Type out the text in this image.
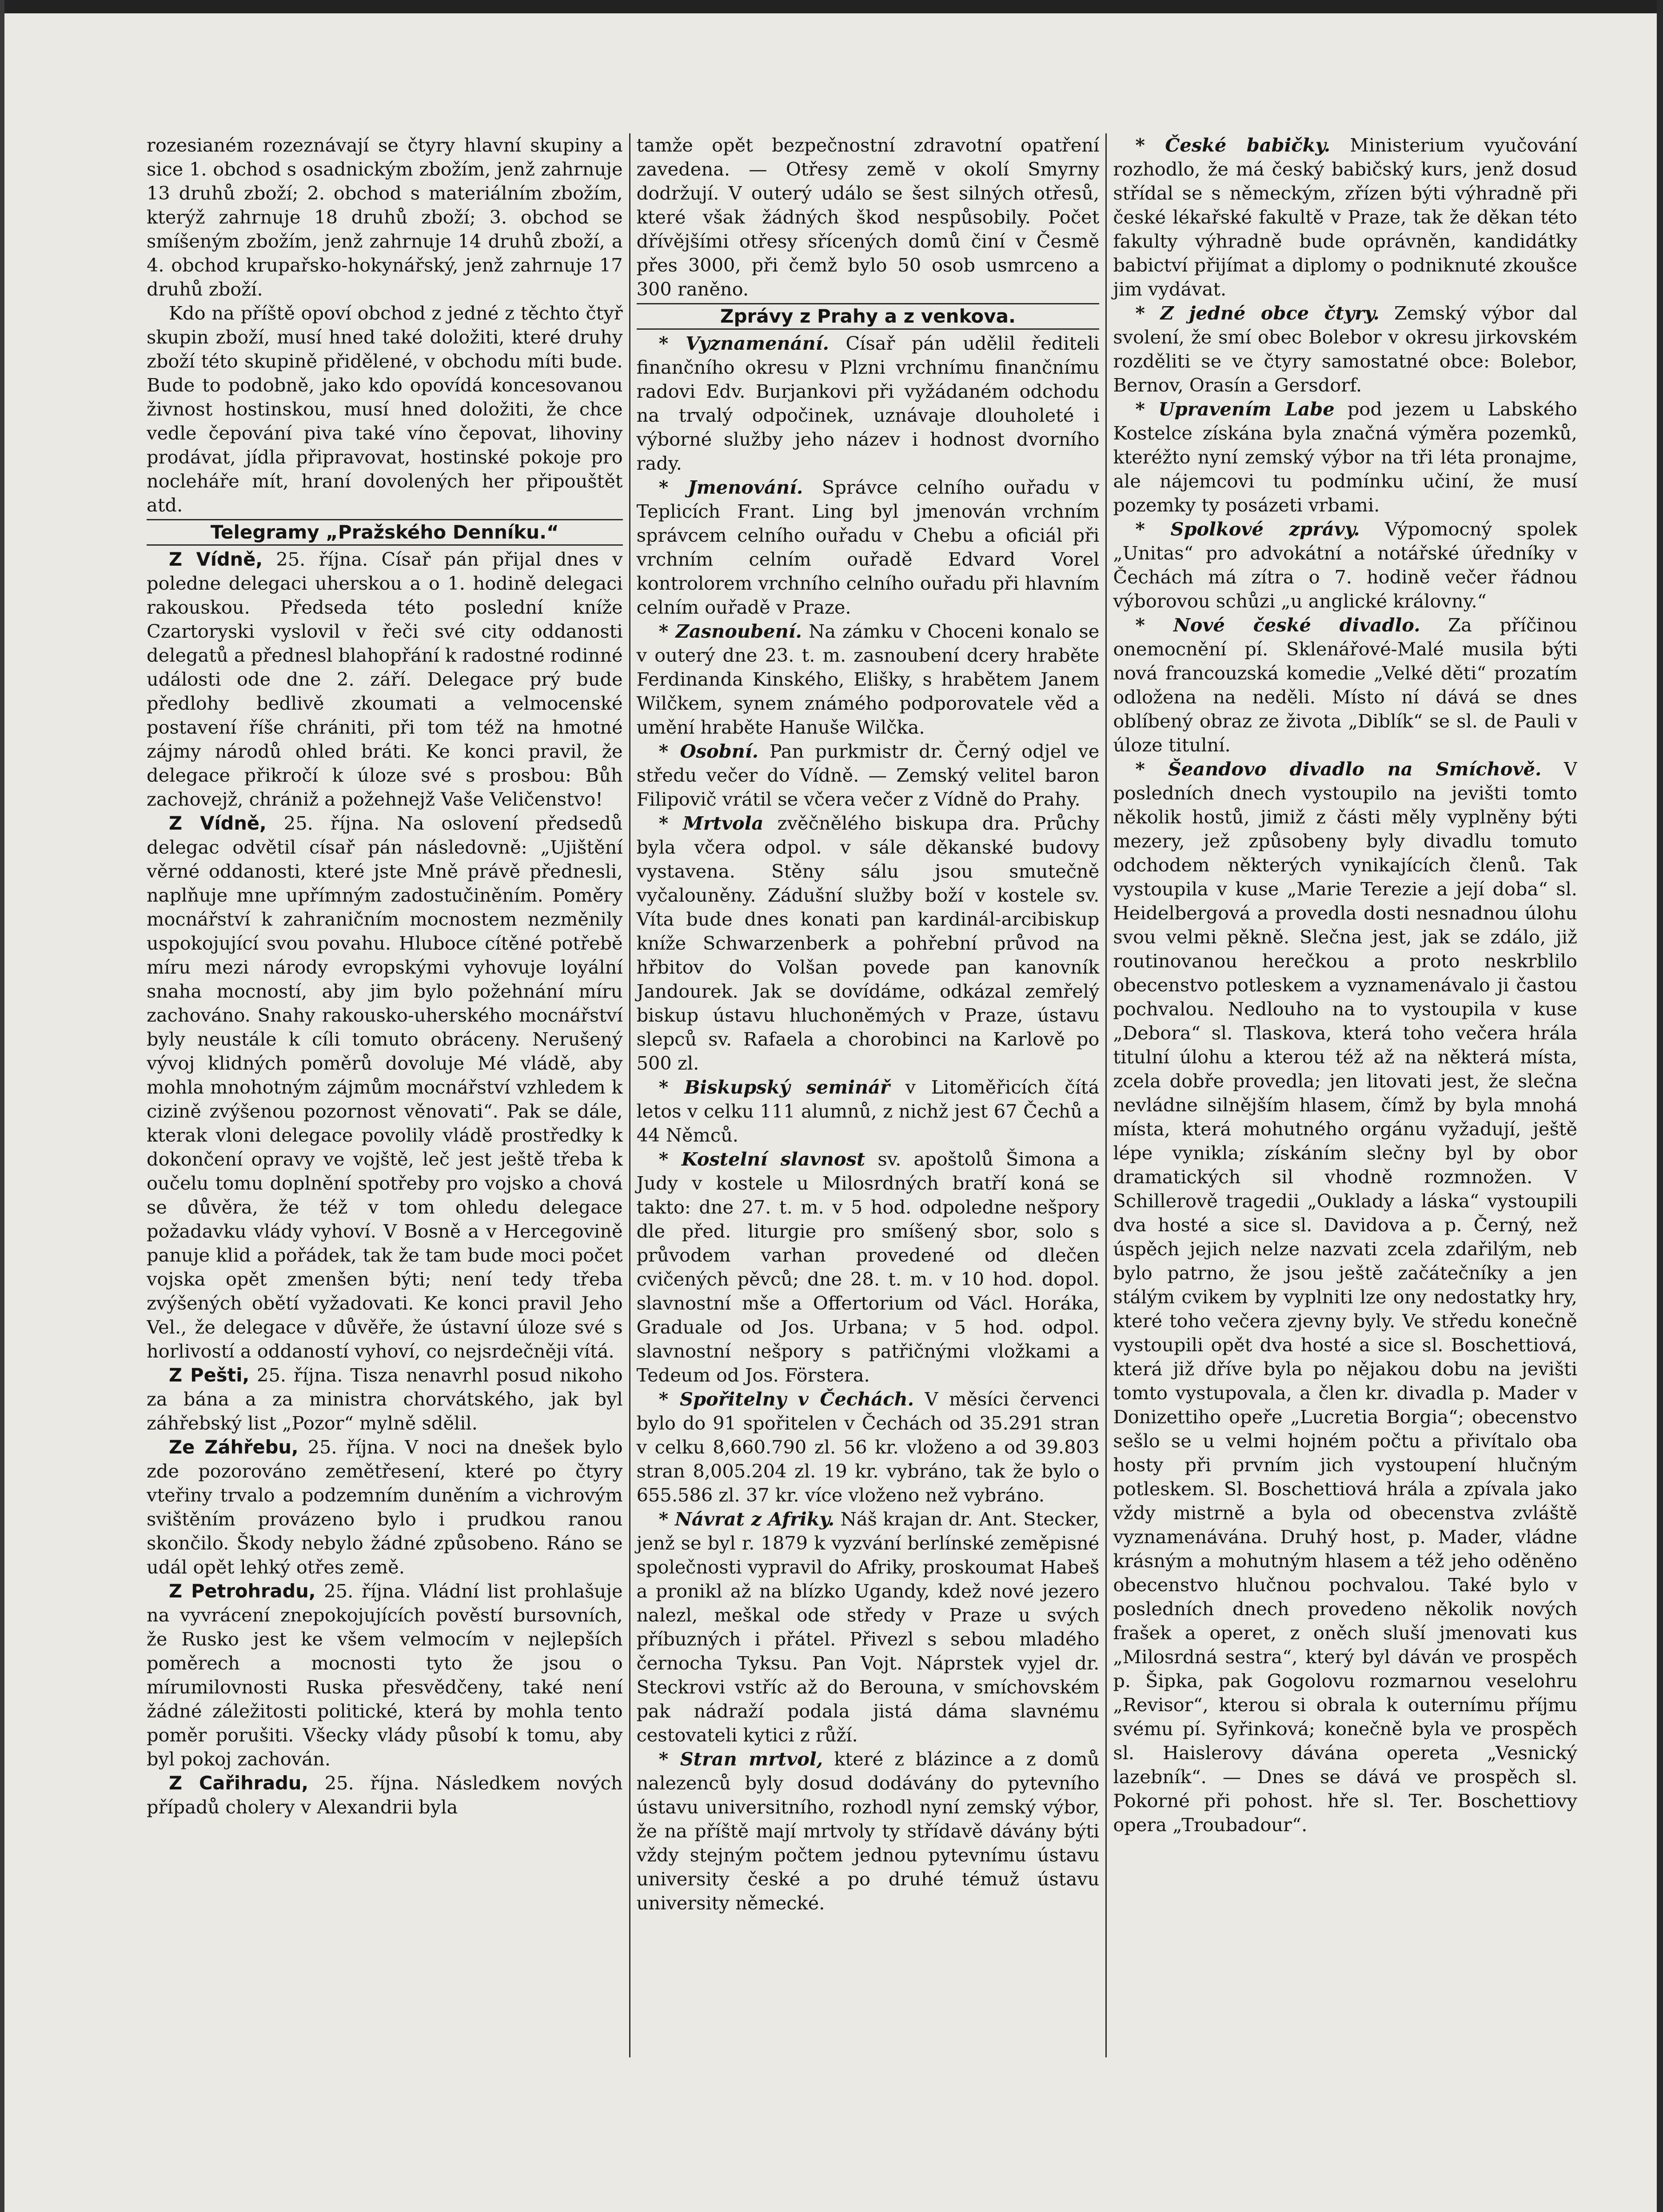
rozesianém rozeznávají se čtyry hlavní skupiny a sice 1. obchod s osadnickým zbožím, jenž zahrnuje 13 druhů zboží; 2. obchod s materiálním zbožím, kterýž zahrnuje 18 druhů zboží; 3. obchod se smíšeným zbožím, jenž zahrnuje 14 druhů zboží, a 4. obchod krupařsko-hokynářský, jenž zahrnuje 17 druhů zboží.

Kdo na příště opoví obchod z jedné z těchto čtyř skupin zboží, musí hned také doložiti, které druhy zboží této skupině přidělené, v obchodu míti bude. Bude to podobně, jako kdo opovídá koncesovanou živnost hostinskou, musí hned doložiti, že chce vedle čepování piva také víno čepovat, lihoviny prodávat, jídla připravovat, hostinské pokoje pro nocleháře mít, hraní dovolených her připouštět atd.

Telegramy „Pražského Denníku.“

Z Vídně, 25. října. Císař pán přijal dnes v poledne delegaci uherskou a o 1. hodině delegaci rakouskou. Předseda této poslední kníže Czartoryski vyslovil v řeči své city oddanosti delegatů a přednesl blahopřání k radostné rodinné události ode dne 2. září. Delegace prý bude předlohy bedlivě zkoumati a velmocenské postavení říše chrániti, při tom též na hmotné zájmy národů ohled bráti. Ke konci pravil, že delegace přikročí k úloze své s prosbou: Bůh zachovejž, chrániž a požehnejž Vaše Veličenstvo!

Z Vídně, 25. října. Na oslovení předsedů delegac odvětil císař pán následovně: „Ujištění věrné oddanosti, které jste Mně právě přednesli, naplňuje mne upřímným zadostučiněním. Poměry mocnářství k zahraničním mocnostem nezměnily uspokojující svou povahu. Hluboce cítěné potřebě míru mezi národy evropskými vyhovuje loyální snaha mocností, aby jim bylo požehnání míru zachováno. Snahy rakousko-uherského mocnářství byly neustále k cíli tomuto obráceny. Nerušený vývoj klidných poměrů dovoluje Mé vládě, aby mohla mnohotným zájmům mocnářství vzhledem k cizině zvýšenou pozornost věnovati“. Pak se dále, kterak vloni delegace povolily vládě prostředky k dokončení opravy ve vojště, leč jest ještě třeba k oučelu tomu doplnění spotřeby pro vojsko a chová se důvěra, že též v tom ohledu delegace požadavku vlády vyhoví. V Bosně a v Hercegovině panuje klid a pořádek, tak že tam bude moci počet vojska opět zmenšen býti; není tedy třeba zvýšených obětí vyžadovati. Ke konci pravil Jeho Vel., že delegace v důvěře, že ústavní úloze své s horlivostí a oddaností vyhoví, co nejsrdečněji vítá.

Z Pešti, 25. října. Tisza nenavrhl posud nikoho za bána a za ministra chorvátského, jak byl záhřebský list „Pozor“ mylně sdělil.

Ze Záhřebu, 25. října. V noci na dnešek bylo zde pozorováno zemětřesení, které po čtyry vteřiny trvalo a podzemním duněním a vichrovým svištěním provázeno bylo i prudkou ranou skončilo. Škody nebylo žádné způsobeno. Ráno se udál opět lehký otřes země.

Z Petrohradu, 25. října. Vládní list prohlašuje na vyvrácení znepokojujících pověstí bursovních, že Rusko jest ke všem velmocím v nejlepších poměrech a mocnosti tyto že jsou o mírumilovnosti Ruska přesvědčeny, také není žádné záležitosti politické, která by mohla tento poměr porušiti. Všecky vlády působí k tomu, aby byl pokoj zachován.

Z Cařihradu, 25. října. Následkem nových případů cholery v Alexandrii byla

tamže opět bezpečnostní zdravotní opatření zavedena. — Otřesy země v okolí Smyrny dodržují. V outerý událo se šest silných otřesů, které však žádných škod nespůsobily. Počet dřívějšími otřesy sřícených domů činí v Česmě přes 3000, při čemž bylo 50 osob usmrceno a 300 raněno.

Zprávy z Prahy a z venkova.

* Vyznamenání. Císař pán udělil řediteli finančního okresu v Plzni vrchnímu finančnímu radovi Edv. Burjankovi při vyžádaném odchodu na trvalý odpočinek, uznávaje dlouholeté i výborné služby jeho název i hodnost dvorního rady.

* Jmenování. Správce celního ouřadu v Teplicích Frant. Ling byl jmenován vrchním správcem celního ouřadu v Chebu a oficiál při vrchním celním ouřadě Edvard Vorel kontrolorem vrchního celního ouřadu při hlavním celním ouřadě v Praze.

* Zasnoubení. Na zámku v Choceni konalo se v outerý dne 23. t. m. zasnoubení dcery hraběte Ferdinanda Kinského, Elišky, s hrabětem Janem Wilčkem, synem známého podporovatele věd a umění hraběte Hanuše Wilčka.

* Osobní. Pan purkmistr dr. Černý odjel ve středu večer do Vídně. — Zemský velitel baron Filipovič vrátil se včera večer z Vídně do Prahy.

* Mrtvola zvěčnělého biskupa dra. Průchy byla včera odpol. v sále děkanské budovy vystavena. Stěny sálu jsou smutečně vyčalouněny. Zádušní služby boží v kostele sv. Víta bude dnes konati pan kardinál-arcibiskup kníže Schwarzenberk a pohřební průvod na hřbitov do Volšan povede pan kanovník Jandourek. Jak se dovídáme, odkázal zemřelý biskup ústavu hluchoněmých v Praze, ústavu slepců sv. Rafaela a chorobinci na Karlově po 500 zl.

* Biskupský seminář v Litoměřicích čítá letos v celku 111 alumnů, z nichž jest 67 Čechů a 44 Němců.

* Kostelní slavnost sv. apoštolů Šimona a Judy v kostele u Milosrdných bratří koná se takto: dne 27. t. m. v 5 hod. odpoledne nešpory dle před. liturgie pro smíšený sbor, solo s průvodem varhan provedené od dlečen cvičených pěvců; dne 28. t. m. v 10 hod. dopol. slavnostní mše a Offertorium od Václ. Horáka, Graduale od Jos. Urbana; v 5 hod. odpol. slavnostní nešpory s patřičnými vložkami a Tedeum od Jos. Förstera.

* Spořitelny v Čechách. V měsíci červenci bylo do 91 spořitelen v Čechách od 35.291 stran v celku 8,660.790 zl. 56 kr. vloženo a od 39.803 stran 8,005.204 zl. 19 kr. vybráno, tak že bylo o 655.586 zl. 37 kr. více vloženo než vybráno.

* Návrat z Afriky. Náš krajan dr. Ant. Stecker, jenž se byl r. 1879 k vyzvání berlínské zeměpisné společnosti vypravil do Afriky, proskoumat Habeš a pronikl až na blízko Ugandy, kdež nové jezero nalezl, meškal ode středy v Praze u svých příbuzných i přátel. Přivezl s sebou mladého černocha Tyksu. Pan Vojt. Náprstek vyjel dr. Steckrovi vstříc až do Berouna, v smíchovském pak nádraží podala jistá dáma slavnému cestovateli kytici z růží.

* Stran mrtvol, které z blázince a z domů nalezenců byly dosud dodávány do pytevního ústavu universitního, rozhodl nyní zemský výbor, že na příště mají mrtvoly ty střídavě dávány býti vždy stejným počtem jednou pytevnímu ústavu university české a po druhé témuž ústavu university německé.

* České babičky. Ministerium vyučování rozhodlo, že má český babičský kurs, jenž dosud střídal se s německým, zřízen býti výhradně při české lékařské fakultě v Praze, tak že děkan této fakulty výhradně bude oprávněn, kandidátky babictví přijímat a diplomy o podniknuté zkoušce jim vydávat.

* Z jedné obce čtyry. Zemský výbor dal svolení, že smí obec Bolebor v okresu jirkovském rozděliti se ve čtyry samostatné obce: Bolebor, Bernov, Orasín a Gersdorf.

* Upravením Labe pod jezem u Labského Kostelce získána byla značná výměra pozemků, kteréžto nyní zemský výbor na tři léta pronajme, ale nájemcovi tu podmínku učiní, že musí pozemky ty posázeti vrbami.

* Spolkové zprávy. Výpomocný spolek „Unitas“ pro advokátní a notářské úředníky v Čechách má zítra o 7. hodině večer řádnou výborovou schůzi „u anglické královny.“

* Nové české divadlo. Za příčinou onemocnění pí. Sklenářové-Malé musila býti nová francouzská komedie „Velké děti“ prozatím odložena na neděli. Místo ní dává se dnes oblíbený obraz ze života „Diblík“ se sl. de Pauli v úloze titulní.

* Šeandovo divadlo na Smíchově. V posledních dnech vystoupilo na jevišti tomto několik hostů, jimiž z části měly vyplněny býti mezery, jež způsobeny byly divadlu tomuto odchodem některých vynikajících členů. Tak vystoupila v kuse „Marie Terezie a její doba“ sl. Heidelbergová a provedla dosti nesnadnou úlohu svou velmi pěkně. Slečna jest, jak se zdálo, již routinovanou herečkou a proto neskrblilo obecenstvo potleskem a vyznamenávalo ji častou pochvalou. Nedlouho na to vystoupila v kuse „Debora“ sl. Tlaskova, která toho večera hrála titulní úlohu a kterou též až na některá místa, zcela dobře provedla; jen litovati jest, že slečna nevládne silnějším hlasem, čímž by byla mnohá místa, která mohutného orgánu vyžadují, ještě lépe vynikla; získáním slečny byl by obor dramatických sil vhodně rozmnožen. V Schillerově tragedii „Ouklady a láska“ vystoupili dva hosté a sice sl. Davidova a p. Černý, než úspěch jejich nelze nazvati zcela zdařilým, neb bylo patrno, že jsou ještě začátečníky a jen stálým cvikem by vyplniti lze ony nedostatky hry, které toho večera zjevny byly. Ve středu konečně vystoupili opět dva hosté a sice sl. Boschettiová, která již dříve byla po nějakou dobu na jevišti tomto vystupovala, a člen kr. divadla p. Mader v Donizettiho opeře „Lucretia Borgia“; obecenstvo sešlo se u velmi hojném počtu a přivítalo oba hosty při prvním jich vystoupení hlučným potleskem. Sl. Boschettiová hrála a zpívala jako vždy mistrně a byla od obecenstva zvláště vyznamenávána. Druhý host, p. Mader, vládne krásným a mohutným hlasem a též jeho oděněno obecenstvo hlučnou pochvalou. Také bylo v posledních dnech provedeno několik nových frašek a operet, z oněch sluší jmenovati kus „Milosrdná sestra“, který byl dáván ve prospěch p. Šipka, pak Gogolovu rozmarnou veselohru „Revisor“, kterou si obrala k outernímu příjmu svému pí. Syřinková; konečně byla ve prospěch sl. Haislerovy dávána opereta „Vesnický lazebník“. — Dnes se dává ve prospěch sl. Pokorné při pohost. hře sl. Ter. Boschettiovy opera „Troubadour“.
